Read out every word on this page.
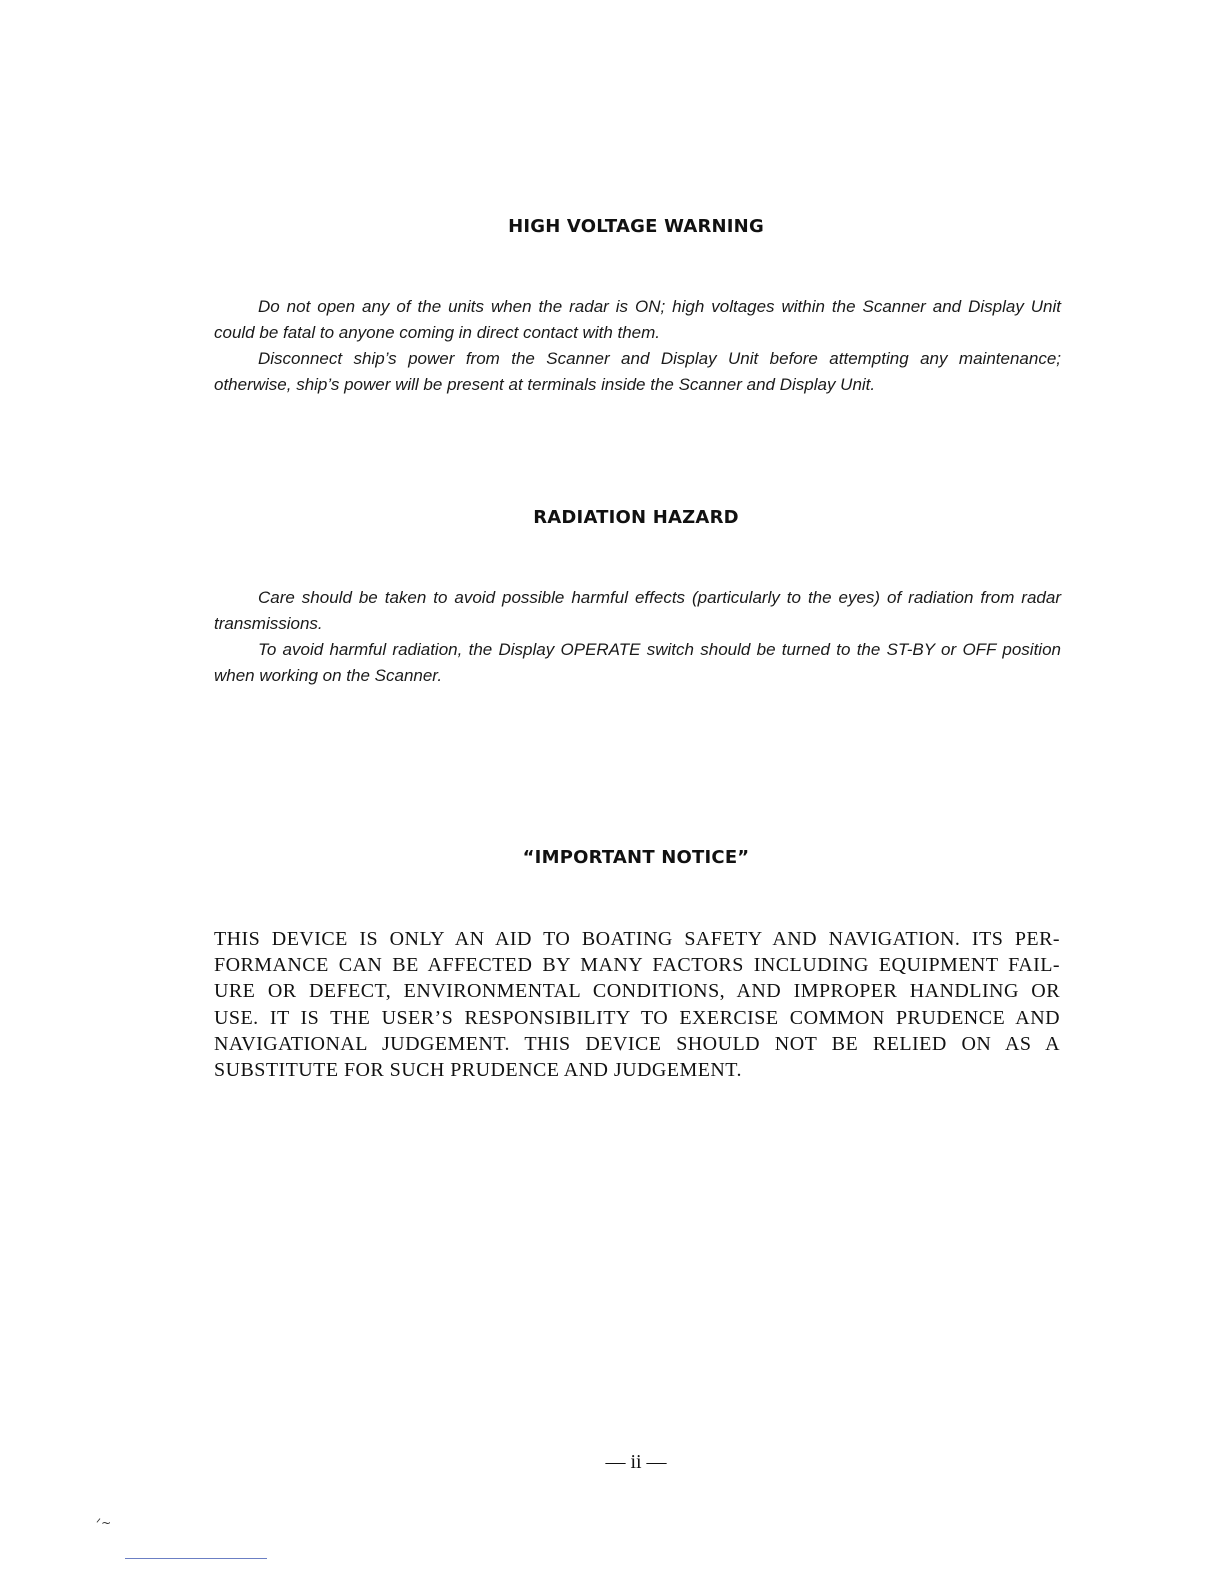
HIGH VOLTAGE WARNING

Do not open any of the units when the radar is ON; high voltages within the Scanner and Display Unit could be fatal to anyone coming in direct contact with them.

Disconnect ship’s power from the Scanner and Display Unit before attempting any maintenance; otherwise, ship’s power will be present at terminals inside the Scanner and Display Unit.

RADIATION HAZARD

Care should be taken to avoid possible harmful effects (particularly to the eyes) of radiation from radar transmissions.

To avoid harmful radiation, the Display OPERATE switch should be turned to the ST-BY or OFF position when working on the Scanner.

“IMPORTANT NOTICE”
THIS DEVICE IS ONLY AN AID TO BOATING SAFETY AND NAVIGATION. ITS PER-
FORMANCE CAN BE AFFECTED BY MANY FACTORS INCLUDING EQUIPMENT FAIL-
URE OR DEFECT, ENVIRONMENTAL CONDITIONS, AND IMPROPER HANDLING OR
USE. IT IS THE USER’S RESPONSIBILITY TO EXERCISE COMMON PRUDENCE AND
NAVIGATIONAL JUDGEMENT. THIS DEVICE SHOULD NOT BE RELIED ON AS A
SUBSTITUTE FOR SUCH PRUDENCE AND JUDGEMENT.
— ii —
ᐟ~
